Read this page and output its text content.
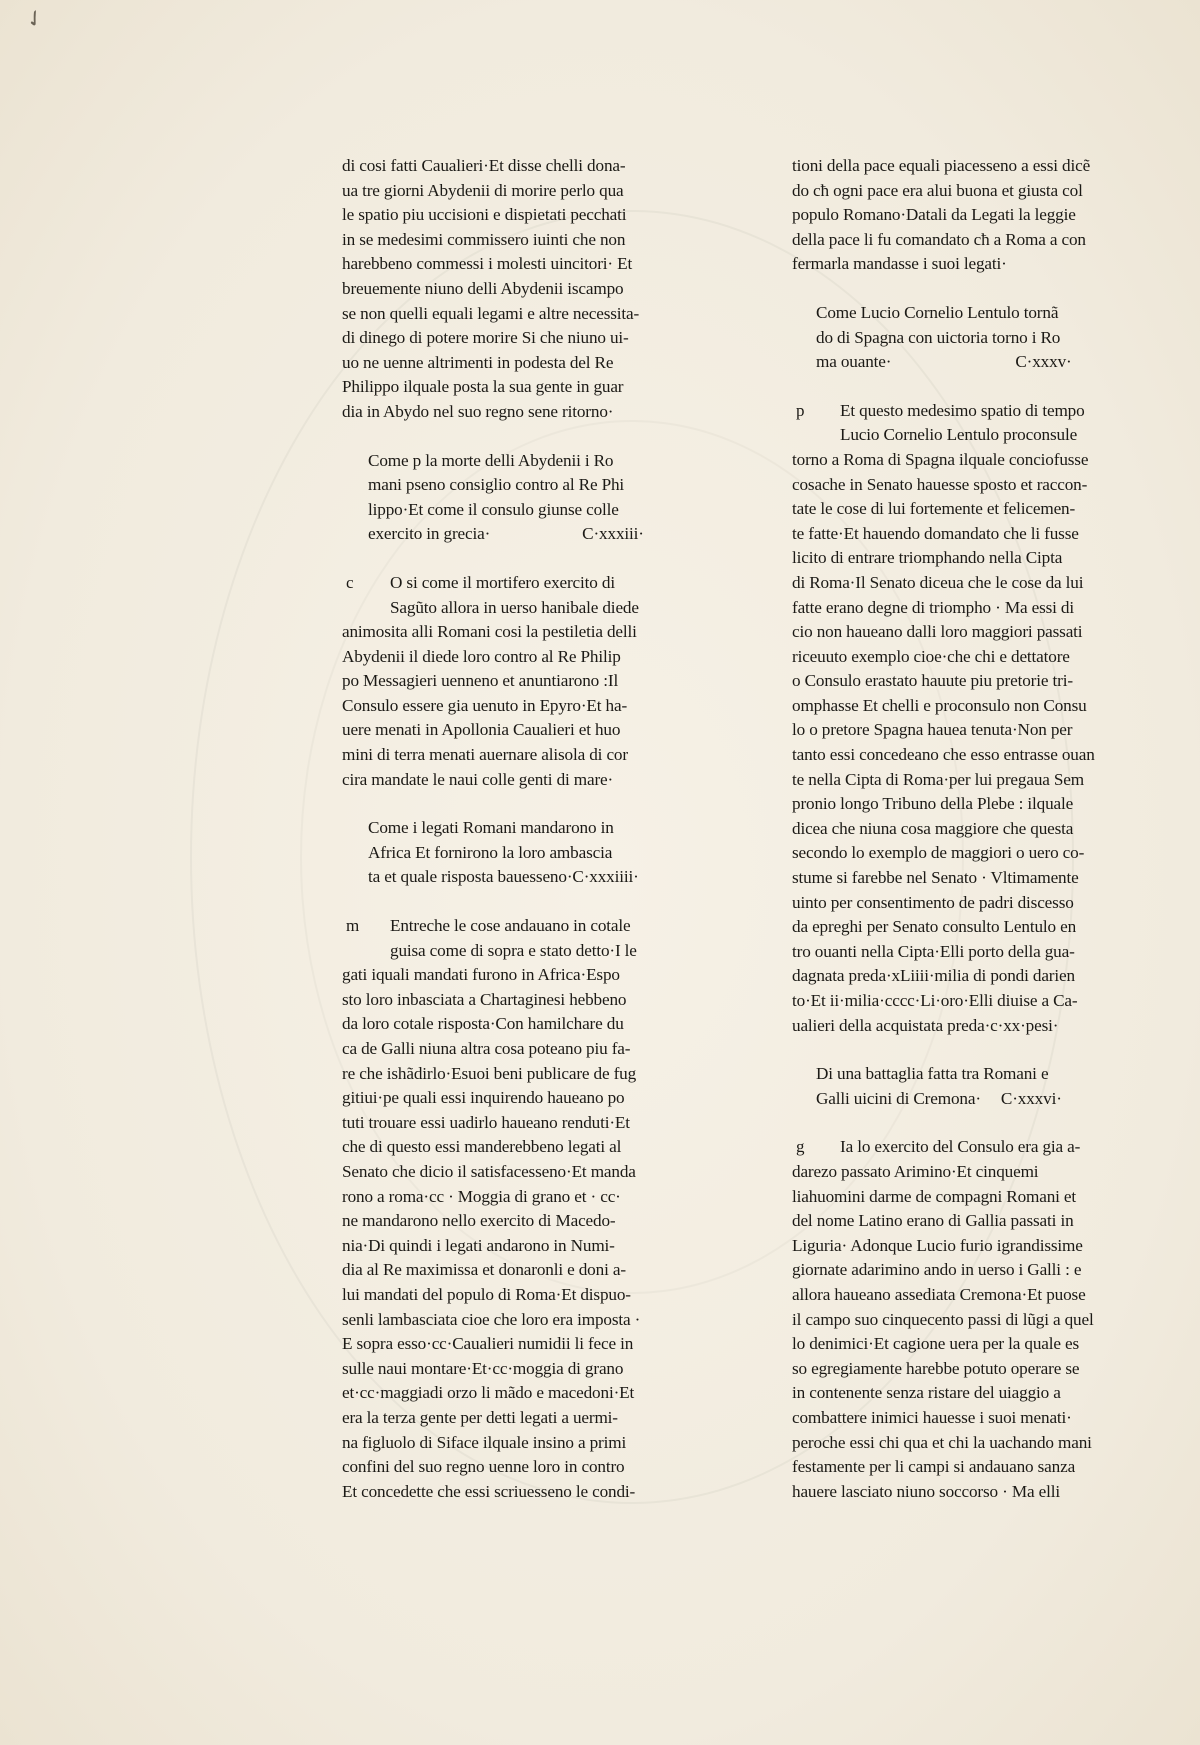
✓
di cosi fatti Caualieri·Et disse chelli dona-
ua tre giorni Abydenii di morire perlo qua
le spatio piu uccisioni e dispietati pecchati
in se medesimi commissero iuinti che non
harebbeno commessi i molesti uincitori· Et
breuemente niuno delli Abydenii iscampo
se non quelli equali legami e altre necessita-
di dinego di potere morire Si che niuno ui-
uo ne uenne altrimenti in podesta del Re
Philippo ilquale posta la sua gente in guar
dia in Abydo nel suo regno sene ritorno·
Come p la morte delli Abydenii i Ro
mani pseno consiglio contro al Re Phi
lippo·Et come il consulo giunse colle
exercito in grecia·	C·xxxiii·
c	O si come il mortifero exercito di
Sagũto allora in uerso hanibale diede
animosita alli Romani cosi la pestiletia delli
Abydenii il diede loro contro al Re Philip
po Messagieri uenneno et anuntiarono :Il
Consulo essere gia uenuto in Epyro·Et ha-
uere menati in Apollonia Caualieri et huo
mini di terra menati auernare alisola di cor
cira mandate le naui colle genti di mare·
Come i legati Romani mandarono in
Africa Et fornirono la loro ambascia
ta et quale risposta bauesseno·C·xxxiiii·
m	Entreche le cose andauano in cotale
guisa come di sopra e stato detto·I le
gati iquali mandati furono in Africa·Espo
sto loro inbasciata a Chartaginesi hebbeno
da loro cotale risposta·Con hamilchare du
ca de Galli niuna altra cosa poteano piu fa-
re che ishãdirlo·Esuoi beni publicare de fug
gitiui·pe quali essi inquirendo haueano po
tuti trouare essi uadirlo haueano renduti·Et
che di questo essi manderebbeno legati al
Senato che dicio il satisfacesseno·Et manda
rono a roma·cc · Moggia di grano et · cc·
ne mandarono nello exercito di Macedo-
nia·Di quindi i legati andarono in Numi-
dia al Re maximissa et donaronli e doni a-
lui mandati del populo di Roma·Et dispuo-
senli lambasciata cioe che loro era imposta ·
E sopra esso·cc·Caualieri numidii li fece in
sulle naui montare·Et·cc·moggia di grano
et·cc·maggiadi orzo li mãdo e macedoni·Et
era la terza gente per detti legati a uermi-
na figluolo di Siface ilquale insino a primi
confini del suo regno uenne loro in contro
Et concedette che essi scriuesseno le condi-
tioni della pace equali piacesseno a essi dicẽ
do cħ ogni pace era alui buona et giusta col
populo Romano·Datali da Legati la leggie
della pace li fu comandato cħ a Roma a con
fermarla mandasse i suoi legati·
Come Lucio Cornelio Lentulo tornã
do di Spagna con uictoria torno i Ro
ma ouante·	C·xxxv·
p	Et questo medesimo spatio di tempo
Lucio Cornelio Lentulo proconsule
torno a Roma di Spagna ilquale conciofusse
cosache in Senato hauesse sposto et raccon-
tate le cose di lui fortemente et felicemen-
te fatte·Et hauendo domandato che li fusse
licito di entrare triomphando nella Cipta
di Roma·Il Senato diceua che le cose da lui
fatte erano degne di triompho · Ma essi di
cio non haueano dalli loro maggiori passati
riceuuto exemplo cioe·che chi e dettatore
o Consulo erastato hauute piu pretorie tri-
omphasse Et chelli e proconsulo non Consu
lo o pretore Spagna hauea tenuta·Non per
tanto essi concedeano che esso entrasse ouan
te nella Cipta di Roma·per lui pregaua Sem
pronio longo Tribuno della Plebe : ilquale
dicea che niuna cosa maggiore che questa
secondo lo exemplo de maggiori o uero co-
stume si farebbe nel Senato · Vltimamente
uinto per consentimento de padri discesso
da epreghi per Senato consulto Lentulo en
tro ouanti nella Cipta·Elli porto della gua-
dagnata preda·xLiiii·milia di pondi darien
to·Et ii·milia·cccc·Li·oro·Elli diuise a Ca-
ualieri della acquistata preda·c·xx·pesi·
Di una battaglia fatta tra Romani e
Galli uicini di Cremona· C·xxxvi·
g	Ia lo exercito del Consulo era gia a-
darezo passato Arimino·Et cinquemi
liahuomini darme de compagni Romani et
del nome Latino erano di Gallia passati in
Liguria· Adonque Lucio furio igrandissime
giornate adarimino ando in uerso i Galli : e
allora haueano assediata Cremona·Et puose
il campo suo cinquecento passi di lũgi a quel
lo denimici·Et cagione uera per la quale es
so egregiamente harebbe potuto operare se
in contenente senza ristare del uiaggio a
combattere inimici hauesse i suoi menati·
peroche essi chi qua et chi la uachando mani
festamente per li campi si andauano sanza
hauere lasciato niuno soccorso · Ma elli
